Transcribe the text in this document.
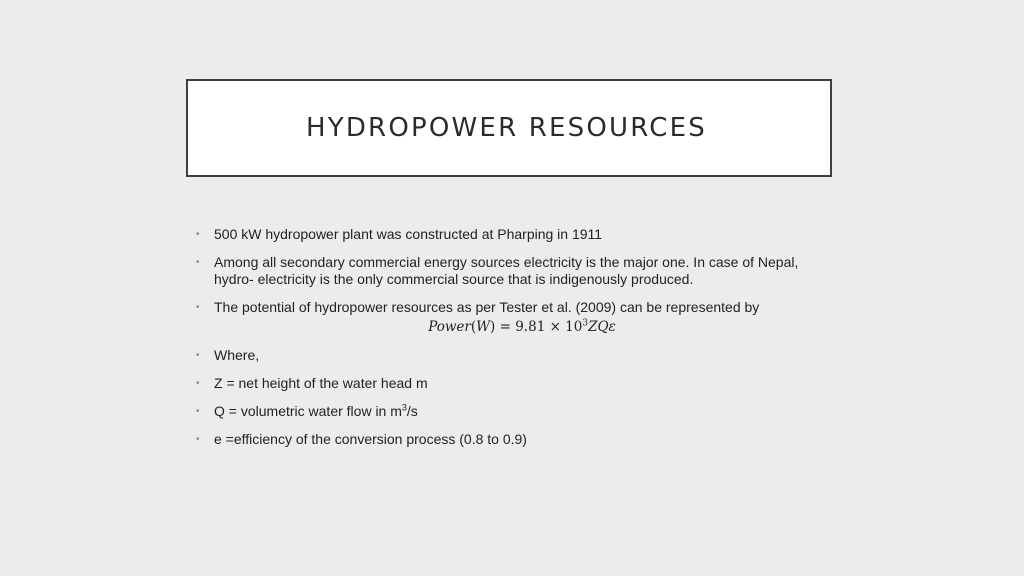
HYDROPOWER RESOURCES
• 500 kW hydropower plant was constructed at Pharping in 1911
• Among all secondary commercial energy sources electricity is the major one. In case of Nepal, hydro- electricity is the only commercial source that is indigenously produced.
• The potential of hydropower resources as per Tester et al. (2009) can be represented by
Power(W) = $9.81 \times 10^3ZQ\varepsilon$
• Where,
• Z = net height of the water head m
• Q = volumetric water flow in $m^3/s$
• e =efficiency of the conversion process (0.8 to 0.9)
